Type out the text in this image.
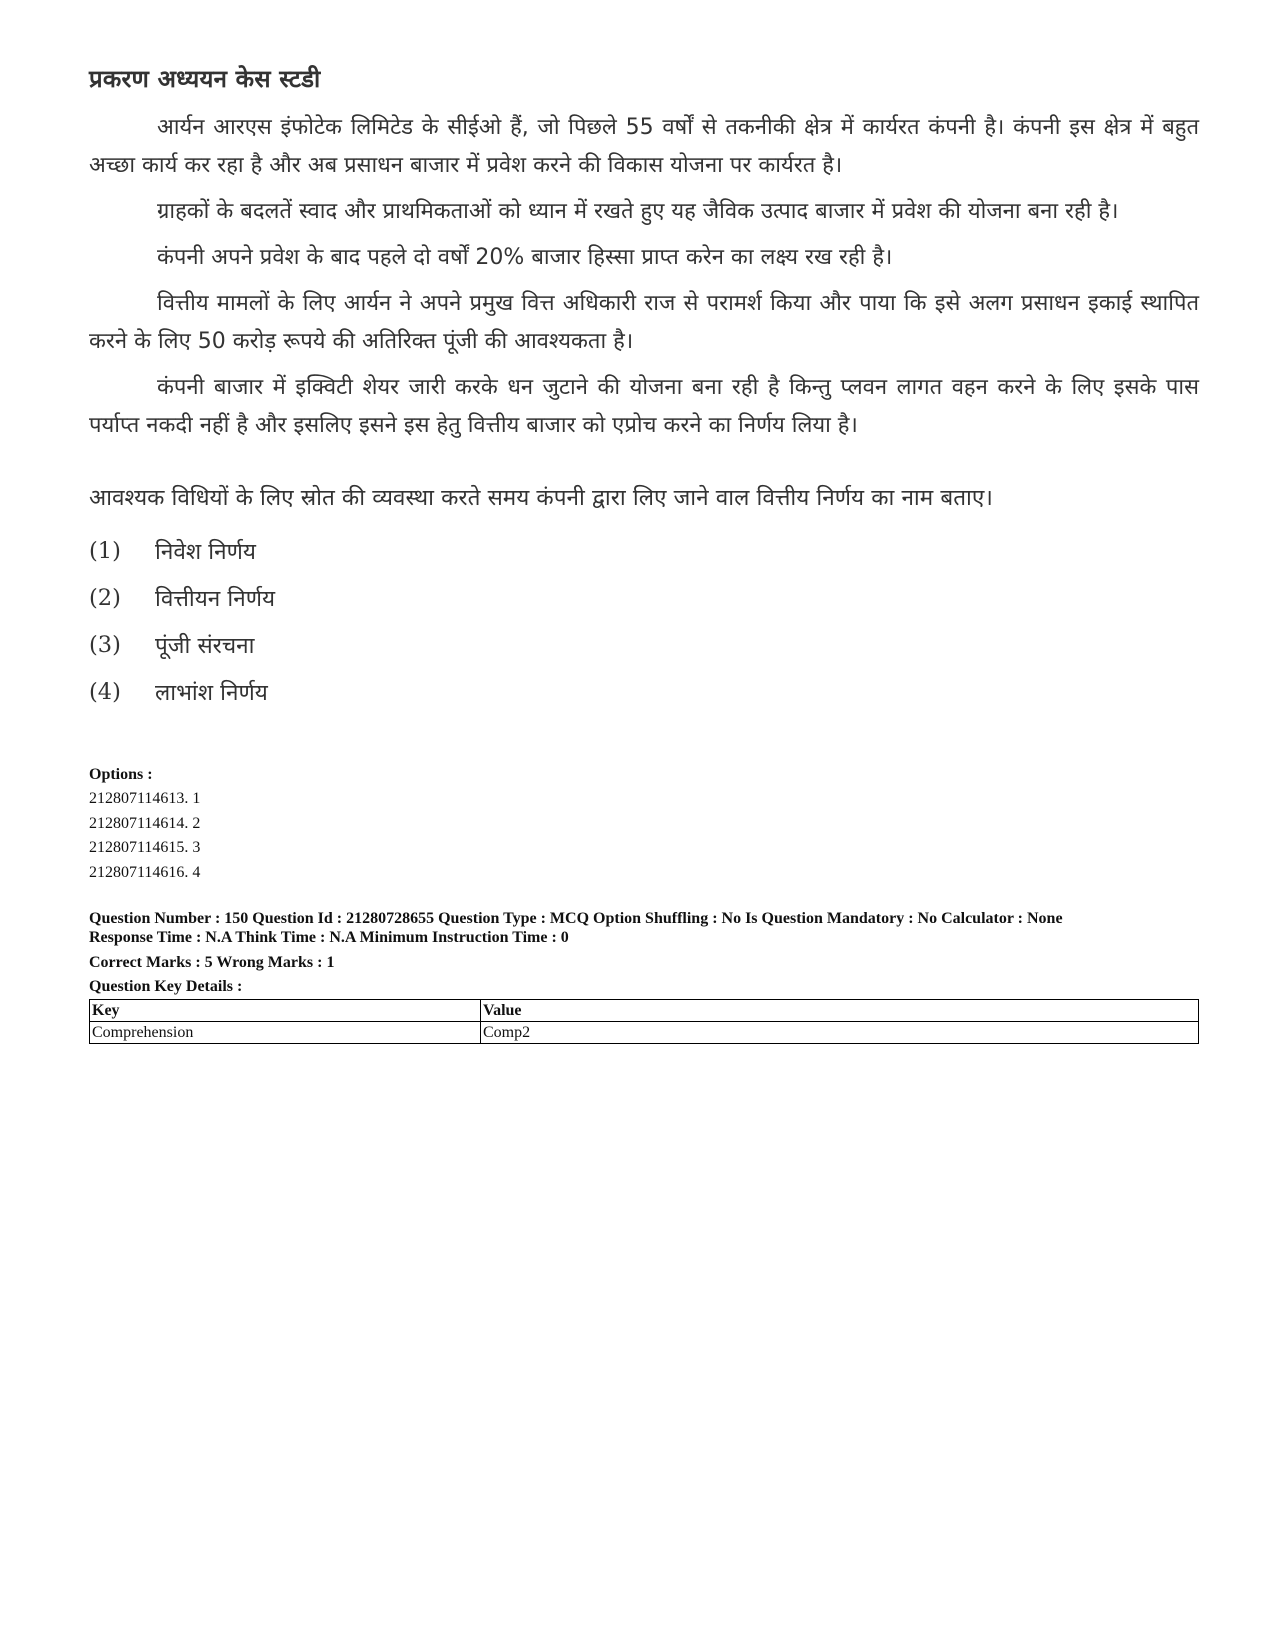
प्रकरण अध्ययन केस स्टडी

आर्यन आरएस इंफोटेक लिमिटेड के सीईओ हैं, जो पिछले 55 वर्षों से तकनीकी क्षेत्र में कार्यरत कंपनी है। कंपनी इस क्षेत्र में बहुत अच्छा कार्य कर रहा है और अब प्रसाधन बाजार में प्रवेश करने की विकास योजना पर कार्यरत है।

ग्राहकों के बदलतें स्वाद और प्राथमिकताओं को ध्यान में रखते हुए यह जैविक उत्पाद बाजार में प्रवेश की योजना बना रही है।

कंपनी अपने प्रवेश के बाद पहले दो वर्षों 20% बाजार हिस्सा प्राप्त करेन का लक्ष्य रख रही है।

वित्तीय मामलों के लिए आर्यन ने अपने प्रमुख वित्त अधिकारी राज से परामर्श किया और पाया कि इसे अलग प्रसाधन इकाई स्थापित करने के लिए 50 करोड़ रूपये की अतिरिक्त पूंजी की आवश्यकता है।

कंपनी बाजार में इक्विटी शेयर जारी करके धन जुटाने की योजना बना रही है किन्तु प्लवन लागत वहन करने के लिए इसके पास पर्याप्त नकदी नहीं है और इसलिए इसने इस हेतु वित्तीय बाजार को एप्रोच करने का निर्णय लिया है।

आवश्यक विधियों के लिए स्रोत की व्यवस्था करते समय कंपनी द्वारा लिए जाने वाल वित्तीय निर्णय का नाम बताए।
(1)	निवेश निर्णय
(2)	वित्तीयन निर्णय
(3)	पूंजी संरचना
(4)	लाभांश निर्णय
Options :
212807114613. 1
212807114614. 2
212807114615. 3
212807114616. 4
Question Number : 150 Question Id : 21280728655 Question Type : MCQ Option Shuffling : No Is Question Mandatory : No Calculator : None
Response Time : N.A Think Time : N.A Minimum Instruction Time : 0
Correct Marks : 5 Wrong Marks : 1
Question Key Details :
Key	Value
Comprehension	Comp2
